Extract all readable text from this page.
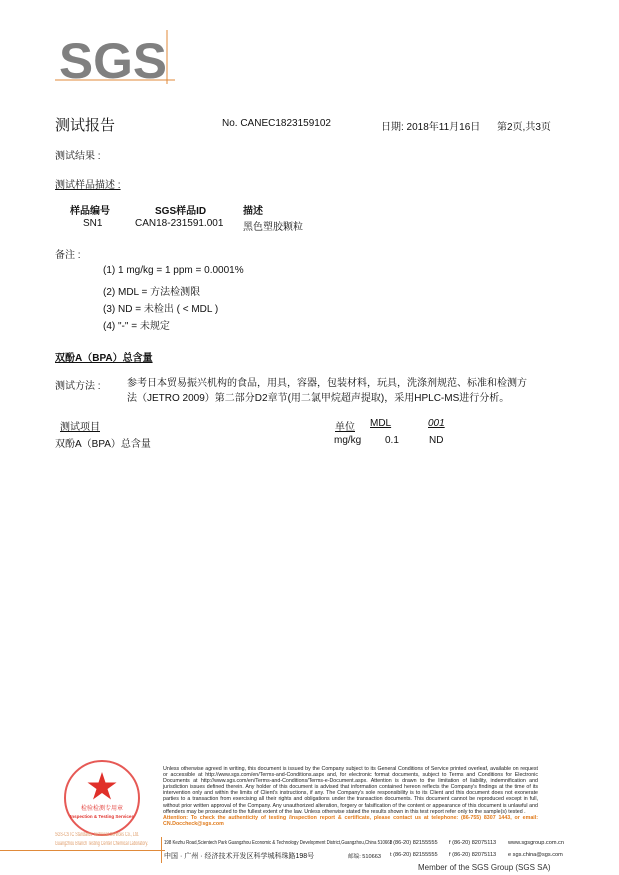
SGS
测试报告	No. CANEC1823159102	日期: 2018年11月16日 第2页,共3页
测试结果 :
测试样品描述 :
样品编号	SGS样品ID	描述
SN1	CAN18-231591.001 黑色塑胶颗粒
备注 :
(1) 1 mg/kg = 1 ppm = 0.0001%
(2) MDL = 方法检测限
(3) ND = 未检出 ( < MDL )
(4) "-" = 未规定
双酚A（BPA）总含量
测试方法 :	参考日本贸易振兴机构的食品，用具，容器，包装材料，玩具，洗涤剂规范、标准和检测方
法（JETRO 2009）第二部分D2章节(用二氯甲烷超声提取)，采用HPLC-MS进行分析。
测试项目	单位 MDL	001
双酚A（BPA）总含量	mg/kg 0.1	ND
检验检测专用章
Inspection & Testing Services
SGS-CSTC Standards Technical Services Co., Ltd.
Guangzhou Branch Testing Center Chemical Laboratory.
Unless otherwise agreed in writing, this document is issued by the Company subject to its General Conditions of Service printed overleaf, available on request or accessible at http://www.sgs.com/en/Terms-and-Conditions.aspx and, for electronic format documents, subject to Terms and Conditions for Electronic Documents at http://www.sgs.com/en/Terms-and-Conditions/Terms-e-Document.aspx. Attention is drawn to the limitation of liability, indemnification and jurisdiction issues defined therein. Any holder of this document is advised that information contained hereon reflects the Company's findings at the time of its intervention only and within the limits of Client's instructions, if any. The Company's sole responsibility is to its Client and this document does not exonerate parties to a transaction from exercising all their rights and obligations under the transaction documents. This document cannot be reproduced except in full, without prior written approval of the Company. Any unauthorized alteration, forgery or falsification of the content or appearance of this document is unlawful and offenders may be prosecuted to the fullest extent of the law. Unless otherwise stated the results shown in this test report refer only to the sample(s) tested .
Attention: To check the authenticity of testing /inspection report & certificate, please contact us at telephone: (86-755) 8307 1443, or email: CN.Doccheck@sgs.com
198 Kezhu Road,Scientech Park Guangzhou Economic & Technology Development District,Guangzhou,China 510663
t (86-20) 82155555 f (86-20) 82075113 www.sgsgroup.com.cn
中国 · 广州 · 经济技术开发区科学城科珠路198号	邮编: 510663 t (86-20) 82155555 f (86-20) 82075113 e sgs.china@sgs.com
Member of the SGS Group (SGS SA)
